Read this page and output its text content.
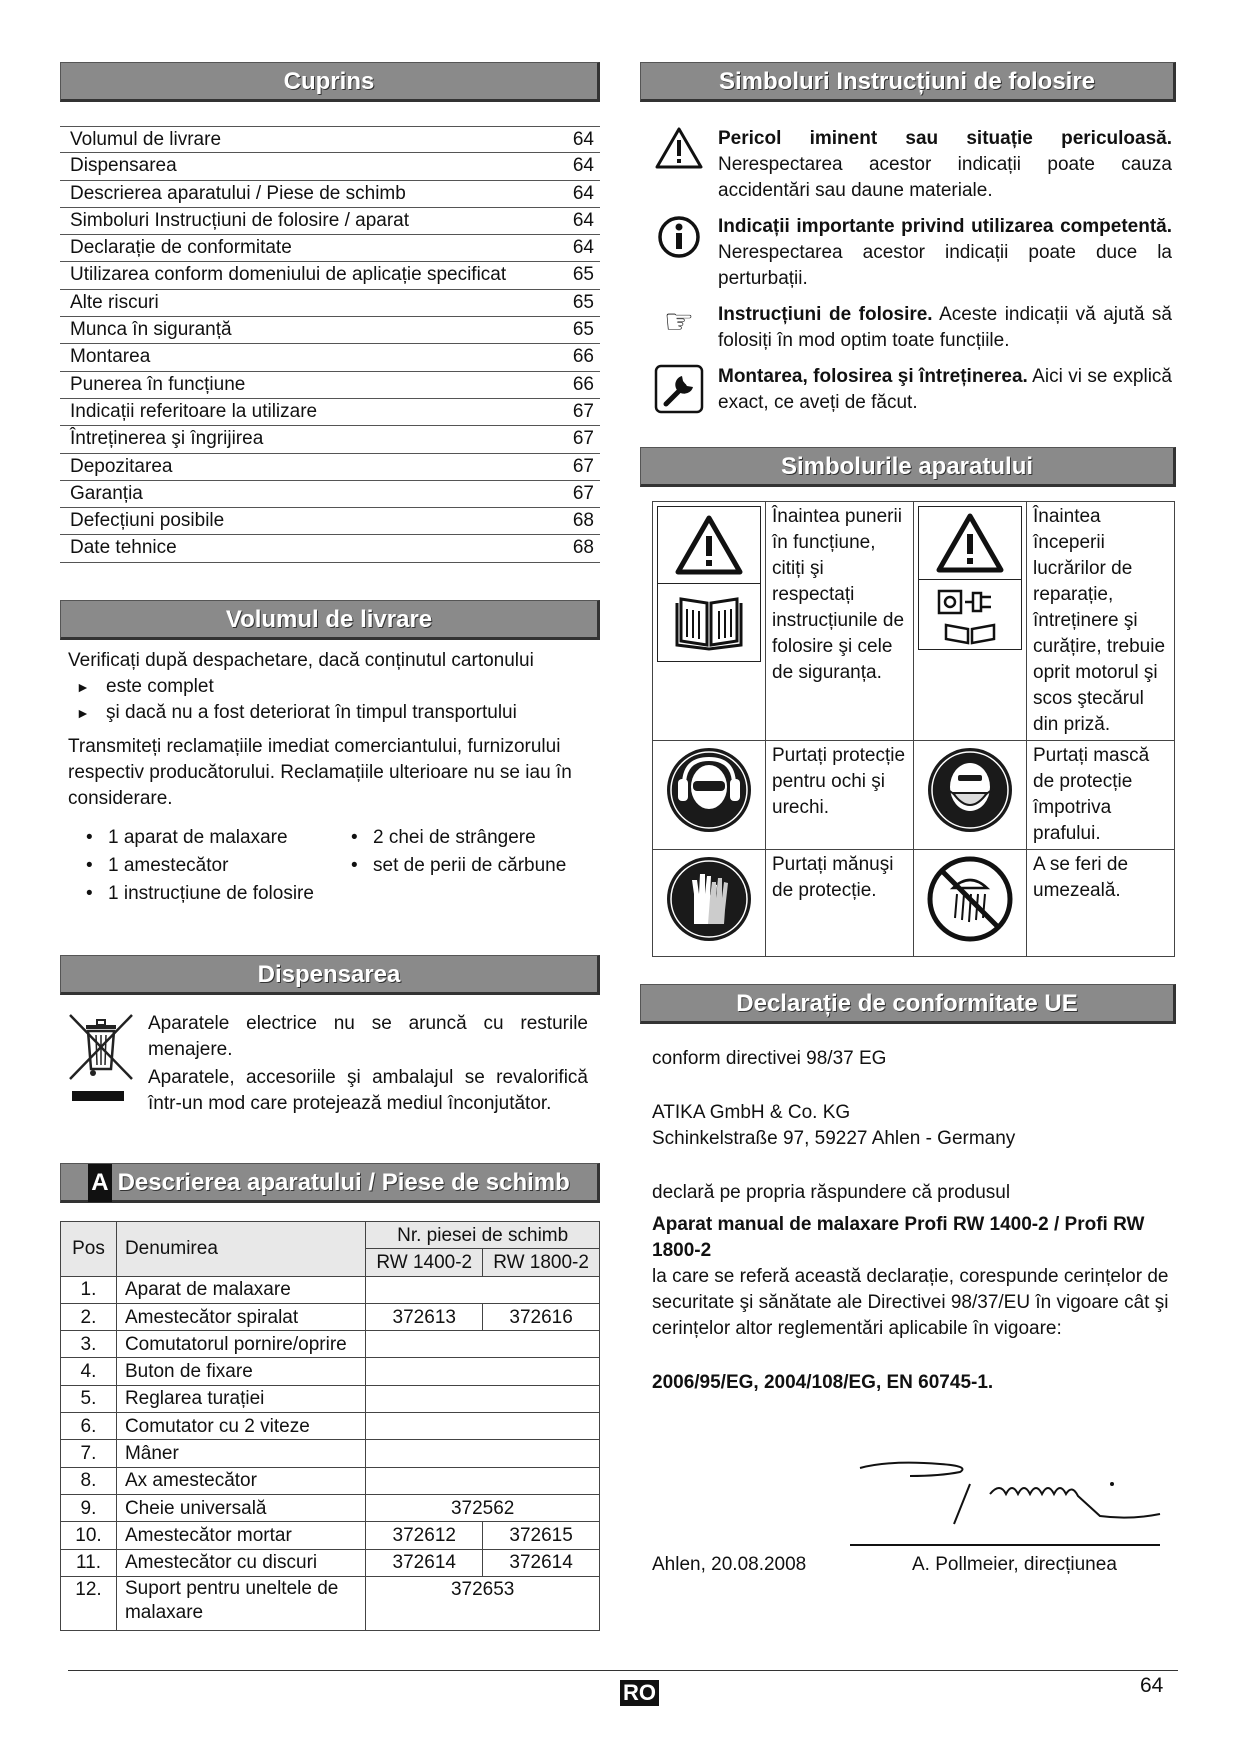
Cuprins
Volumul de livrare	64
Dispensarea	64
Descrierea aparatului / Piese de schimb	64
Simboluri Instrucțiuni de folosire / aparat	64
Declarație de conformitate	64
Utilizarea conform domeniului de aplicație specificat	65
Alte riscuri	65
Munca în siguranță	65
Montarea	66
Punerea în funcțiune	66
Indicații referitoare la utilizare	67
Întreținerea şi îngrijirea	67
Depozitarea	67
Garanția	67
Defecțiuni posibile	68
Date tehnice	68
Volumul de livrare
Verificați după despachetare, dacă conținutul cartonului
► este complet
► şi dacă nu a fost deteriorat în timpul transportului
Transmiteți reclamațiile imediat comerciantului, furnizorului respectiv producătorului. Reclamațiile ulterioare nu se iau în considerare.
• 1 aparat de malaxare
• 1 amestecător
• 1 instrucțiune de folosire
• 2 chei de strângere
• set de perii de cărbune
Dispensarea
Aparatele electrice nu se aruncă cu resturile menajere.
Aparatele, accesoriile şi ambalajul se revalorifică într-un mod care protejează mediul înconjutător.
A Descrierea aparatului / Piese de schimb
Pos	Denumirea	Nr. piesei de schimb	
		RW 1400-2	RW 1800-2
1.	Aparat de malaxare		
2.	Amestecător spiralat	372613	372616
3.	Comutatorul pornire/oprire		
4.	Buton de fixare		
5.	Reglarea turației		
6.	Comutator cu 2 viteze		
7.	Mâner		
8.	Ax amestecător		
9.	Cheie universală	372562	
10.	Amestecător mortar	372612	372615
11.	Amestecător cu discuri	372614	372614
12.	Suport pentru uneltele de malaxare	372653	
Simboluri Instrucțiuni de folosire
Pericol iminent sau situație periculoasă. Nerespectarea acestor indicații poate cauza accidentări sau daune materiale.
Indicații importante privind utilizarea competentă. Nerespectarea acestor indicații poate duce la perturbații.
☞	Instrucțiuni de folosire. Aceste indicații vă ajută să folosiți în mod optim toate funcțiile.
Montarea, folosirea şi întreținerea. Aici vi se explică exact, ce aveți de făcut.
Simbolurile aparatului
	Înaintea punerii în funcțiune, citiți şi respectați instrucțiunile de folosire şi cele de siguranța.		Înaintea începerii lucrărilor de reparație, întreținere şi curățire, trebuie oprit motorul şi scos ştecărul din priză.

	Purtați protecție pentru ochi şi urechi.		Purtați mască de protecție împotriva prafului.

	Purtați mănuşi de protecție.		A se feri de umezeală.
Declarație de conformitate UE
conform directivei 98/37 EG
ATIKA GmbH & Co. KG
Schinkelstraße 97, 59227 Ahlen - Germany
declară pe propria răspundere că produsul
Aparat manual de malaxare Profi RW 1400-2 / Profi RW 1800-2
la care se referă această declarație, corespunde cerințelor de securitate şi sănătate ale Directivei 98/37/EU în vigoare cât şi cerințelor altor reglementări aplicabile în vigoare:
2006/95/EG, 2004/108/EG, EN 60745-1.
Ahlen, 20.08.2008	A. Pollmeier, direcțiunea
RO	64
